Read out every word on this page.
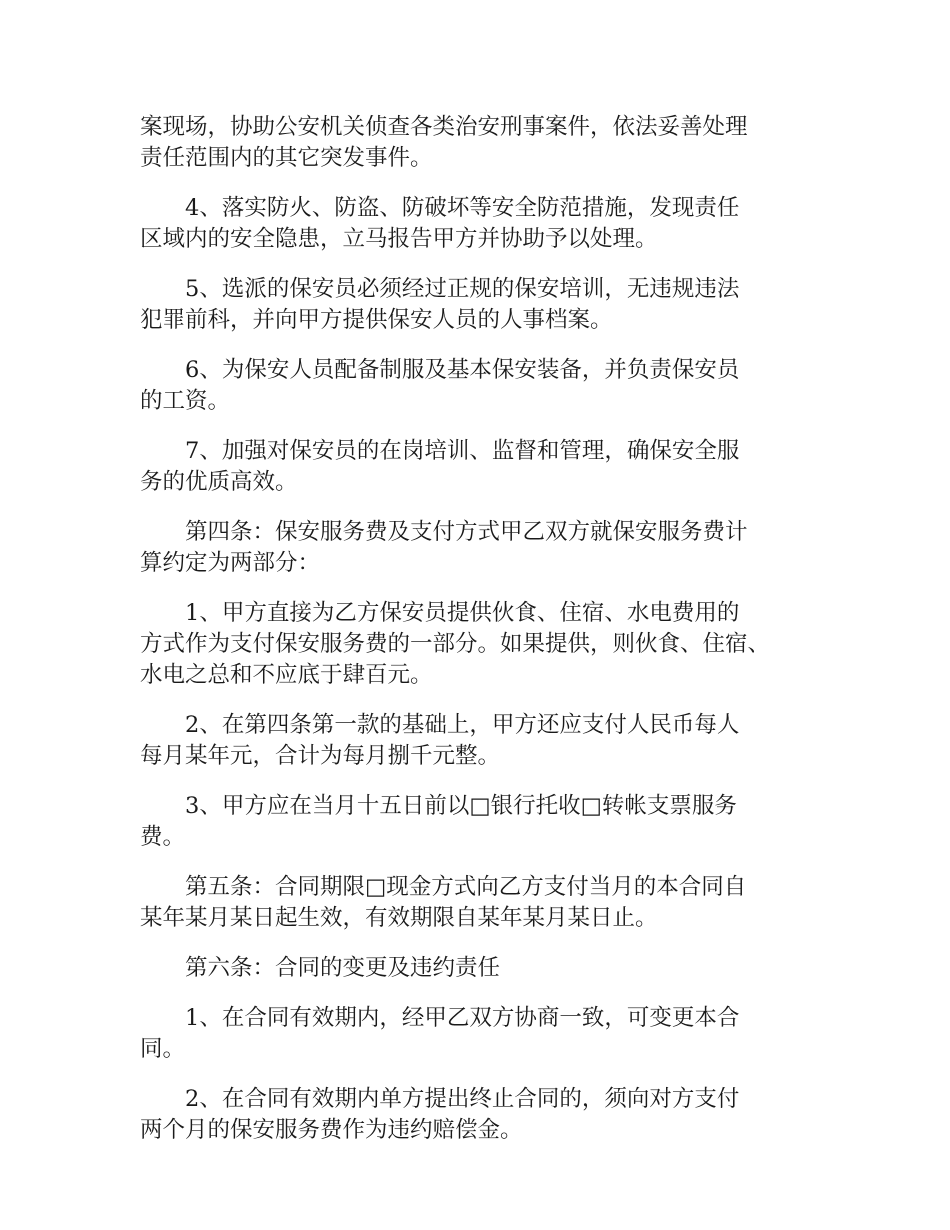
案现场，协助公安机关侦查各类治安刑事案件，依法妥善处理
责任范围内的其它突发事件。
4、落实防火、防盗、防破坏等安全防范措施，发现责任
区域内的安全隐患，立马报告甲方并协助予以处理。
5、选派的保安员必须经过正规的保安培训，无违规违法
犯罪前科，并向甲方提供保安人员的人事档案。
6、为保安人员配备制服及基本保安装备，并负责保安员
的工资。
7、加强对保安员的在岗培训、监督和管理，确保安全服
务的优质高效。
第四条：保安服务费及支付方式甲乙双方就保安服务费计
算约定为两部分：
1、甲方直接为乙方保安员提供伙食、住宿、水电费用的
方式作为支付保安服务费的一部分。如果提供，则伙食、住宿、
水电之总和不应底于肆百元。
2、在第四条第一款的基础上，甲方还应支付人民币每人
每月某年元，合计为每月捌千元整。
3、甲方应在当月十五日前以□银行托收□转帐支票服务
费。
第五条：合同期限□现金方式向乙方支付当月的本合同自
某年某月某日起生效，有效期限自某年某月某日止。
第六条：合同的变更及违约责任
1、在合同有效期内，经甲乙双方协商一致，可变更本合
同。
2、在合同有效期内单方提出终止合同的，须向对方支付
两个月的保安服务费作为违约赔偿金。
